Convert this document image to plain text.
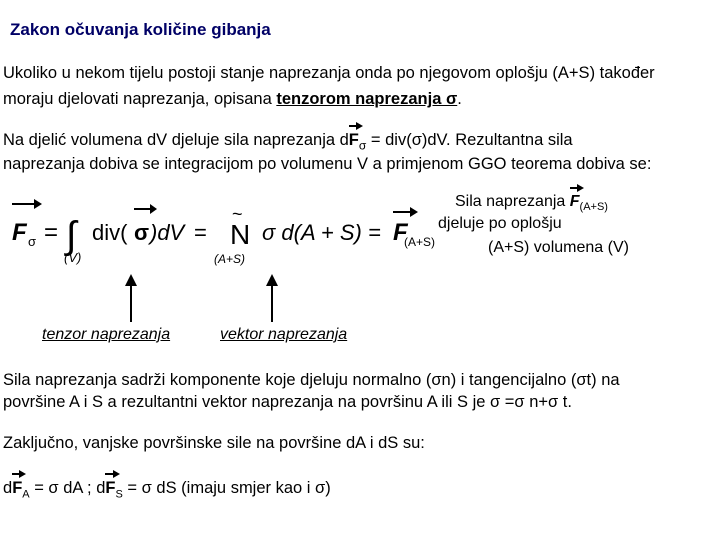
Zakon očuvanja količine gibanja
Ukoliko u nekom tijelu postoji stanje naprezanja onda po njegovom oplošju (A+S) također
moraju djelovati naprezanja, opisana tenzorom naprezanja σ.
Na djelić volumena dV djeluje sila naprezanja $dF_\sigma = div(\sigma)dV$. Rezultantna sila
naprezanja dobiva se integracijom po volumenu V a primjenom GGO teorema dobiva se:
F σ = ∫
(V)
div( σ )dV =
~
N
(A+S)
σ d(A + S) = F
(A+S)
Sila naprezanja $F_{(A+S)}$
djeluje po oplošju
(A+S) volumena (V)
tenzor naprezanja	vektor naprezanja
Sila naprezanja sadrži komponente koje djeluju normalno (σn) i tangencijalno (σt) na
površine A i S a rezultantni vektor naprezanja na površinu A ili S je σ =σ n+σ t.
Zaključno, vanjske površinske sile na površine dA i dS su:
$dF_A = \sigma$ dA ; $dF_S = \sigma$ dS (imaju smjer kao i σ)
